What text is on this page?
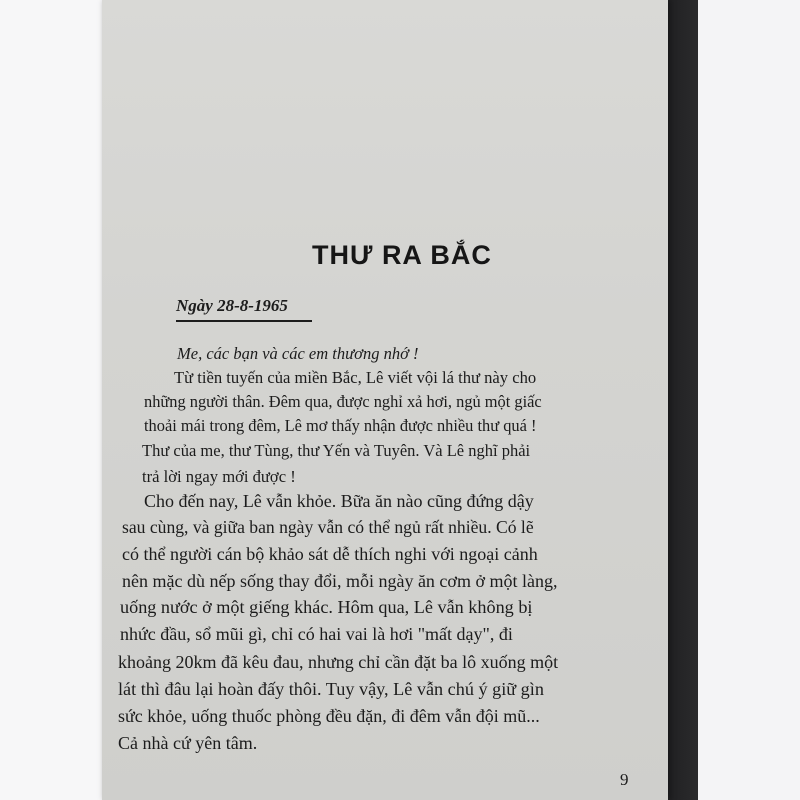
THƯ RA BẮC
Ngày 28-8-1965
Me, các bạn và các em thương nhớ !
Từ tiền tuyến của miền Bắc, Lê viết vội lá thư này cho
những người thân. Đêm qua, được nghỉ xả hơi, ngủ một giấc
thoải mái trong đêm, Lê mơ thấy nhận được nhiều thư quá !
Thư của me, thư Tùng, thư Yến và Tuyên. Và Lê nghĩ phải
trả lời ngay mới được !
Cho đến nay, Lê vẫn khỏe. Bữa ăn nào cũng đứng dậy
sau cùng, và giữa ban ngày vẫn có thể ngủ rất nhiều. Có lẽ
có thể người cán bộ khảo sát dễ thích nghi với ngoại cảnh
nên mặc dù nếp sống thay đổi, mỗi ngày ăn cơm ở một làng,
uống nước ở một giếng khác. Hôm qua, Lê vẫn không bị
nhức đầu, sổ mũi gì, chỉ có hai vai là hơi "mất dạy", đi
khoảng 20km đã kêu đau, nhưng chỉ cần đặt ba lô xuống một
lát thì đâu lại hoàn đấy thôi. Tuy vậy, Lê vẫn chú ý giữ gìn
sức khỏe, uống thuốc phòng đều đặn, đi đêm vẫn đội mũ...
Cả nhà cứ yên tâm.
9
